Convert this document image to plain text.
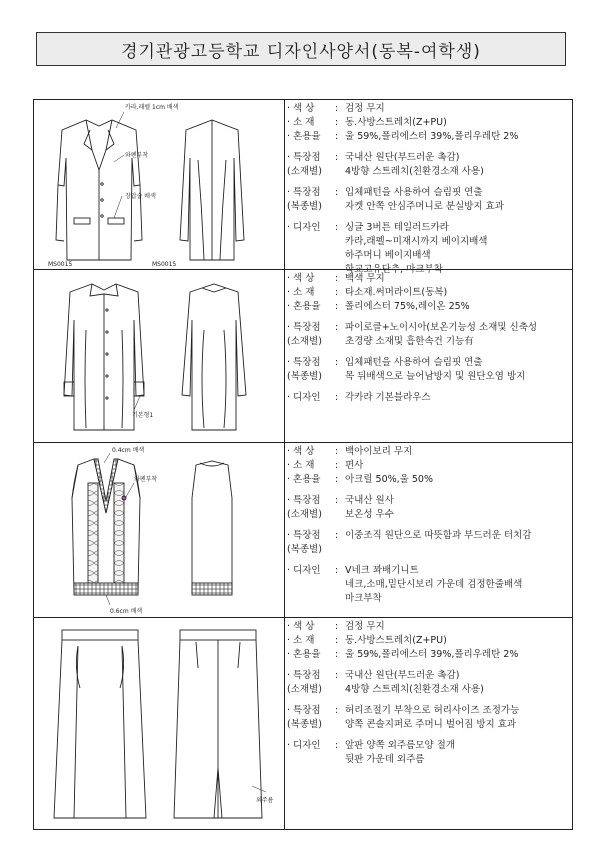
경기관광고등학교 디자인사양서(동복-여학생)
카라,래펠 1cm 배색
와펜부착
장압술 배색
MS0015	MS0015
· 색 상	: 검정 무지
· 소 재	: 동.사방스트레치(Z+PU)
· 혼용율	: 울 59%,폴리에스터 39%,폴리우레탄 2%
· 특장점
(소재별)
: 국내산 원단(부드러운 촉감)
4방향 스트레치(친환경소재 사용)
· 특장점
(복종별)
: 입체패턴을 사용하여 슬림핏 연출
자켓 안쪽 안심주머니로 분실방지 효과
· 디자인	: 싱글 3버튼 테일러드카라
카라,래펠~미재시까지 베이지배색
하주머니 베이지배색
학교고유단추, 마크부착
기본형1
· 색 상	: 백색 무지
· 소 재	: 타소재.써머라이트(동복)
· 혼용율	: 폴리에스터 75%,레이온 25%
· 특장점
(소재별)
: 파이로클+노이시아(보온기능성 소재및 신축성
초경량 소재및 흡한속건 기능有
· 특장점
(복종별)
: 입체패턴을 사용하여 슬림핏 연출
목 뒤배색으로 늘어남방지 및 원단오염 방지
· 디자인	: 각카라 기본블라우스
0.4cm 배색
와펜부착
0.6cm 배색
· 색 상	: 백아이보리 무지
· 소 재	: 편사
· 혼용율	: 아크릴 50%,울 50%
· 특장점
(소재별)
: 국내산 원사
보온성 우수
· 특장점
(복종별)
: 이중조직 원단으로 따뜻함과 부드러운 터치감
· 디자인	: V네크 꽈배기니트
네크,소매,밑단시보리 가운데 검정한줄배색
마크부착
외주름
· 색 상	: 검정 무지
· 소 재	: 동.사방스트레치(Z+PU)
· 혼용율	: 울 59%,폴리에스터 39%,폴리우레탄 2%
· 특장점
(소재별)
: 국내산 원단(부드러운 촉감)
4방향 스트레치(친환경소재 사용)
· 특장점
(복종별)
: 허리조절기 부착으로 허리사이즈 조정가능
양쪽 콘솔지퍼로 주머니 벌어짐 방지 효과
· 디자인	: 앞판 양쪽 외주름모양 절개
뒷판 가운데 외주름
